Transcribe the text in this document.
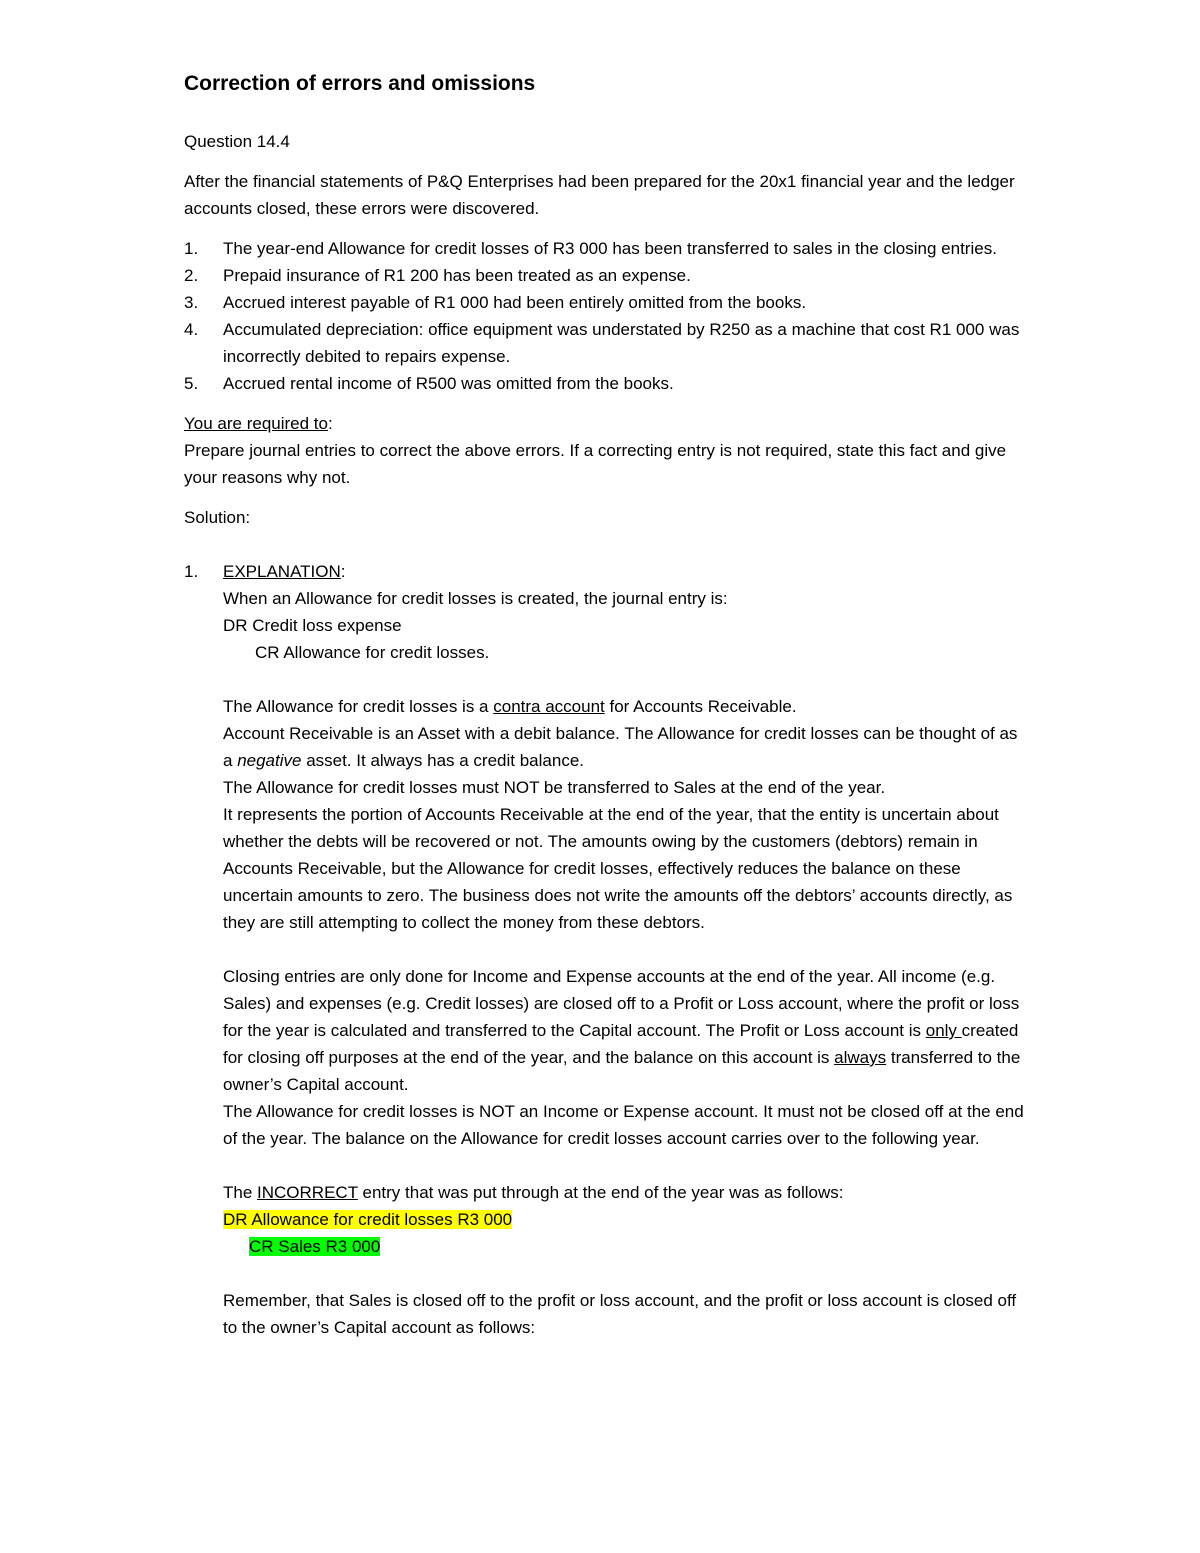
Correction of errors and omissions

Question 14.4

After the financial statements of P&Q Enterprises had been prepared for the 20x1 financial year and the ledger accounts closed, these errors were discovered.

1. The year-end Allowance for credit losses of R3 000 has been transferred to sales in the closing entries.
2. Prepaid insurance of R1 200 has been treated as an expense.
3. Accrued interest payable of R1 000 had been entirely omitted from the books.
4. Accumulated depreciation: office equipment was understated by R250 as a machine that cost R1 000 was incorrectly debited to repairs expense.
5. Accrued rental income of R500 was omitted from the books.

You are required to:

Prepare journal entries to correct the above errors. If a correcting entry is not required, state this fact and give your reasons why not.

Solution:

1. EXPLANATION:

When an Allowance for credit losses is created, the journal entry is:

DR Credit loss expense

CR Allowance for credit losses.

The Allowance for credit losses is a contra account for Accounts Receivable.

Account Receivable is an Asset with a debit balance. The Allowance for credit losses can be thought of as a negative asset. It always has a credit balance.

The Allowance for credit losses must NOT be transferred to Sales at the end of the year.

It represents the portion of Accounts Receivable at the end of the year, that the entity is uncertain about whether the debts will be recovered or not. The amounts owing by the customers (debtors) remain in Accounts Receivable, but the Allowance for credit losses, effectively reduces the balance on these uncertain amounts to zero. The business does not write the amounts off the debtors’ accounts directly, as they are still attempting to collect the money from these debtors.

Closing entries are only done for Income and Expense accounts at the end of the year. All income (e.g. Sales) and expenses (e.g. Credit losses) are closed off to a Profit or Loss account, where the profit or loss for the year is calculated and transferred to the Capital account. The Profit or Loss account is only created for closing off purposes at the end of the year, and the balance on this account is always transferred to the owner’s Capital account.

The Allowance for credit losses is NOT an Income or Expense account. It must not be closed off at the end of the year. The balance on the Allowance for credit losses account carries over to the following year.

The INCORRECT entry that was put through at the end of the year was as follows:

DR Allowance for credit losses R3 000

CR Sales R3 000

Remember, that Sales is closed off to the profit or loss account, and the profit or loss account is closed off to the owner’s Capital account as follows:
